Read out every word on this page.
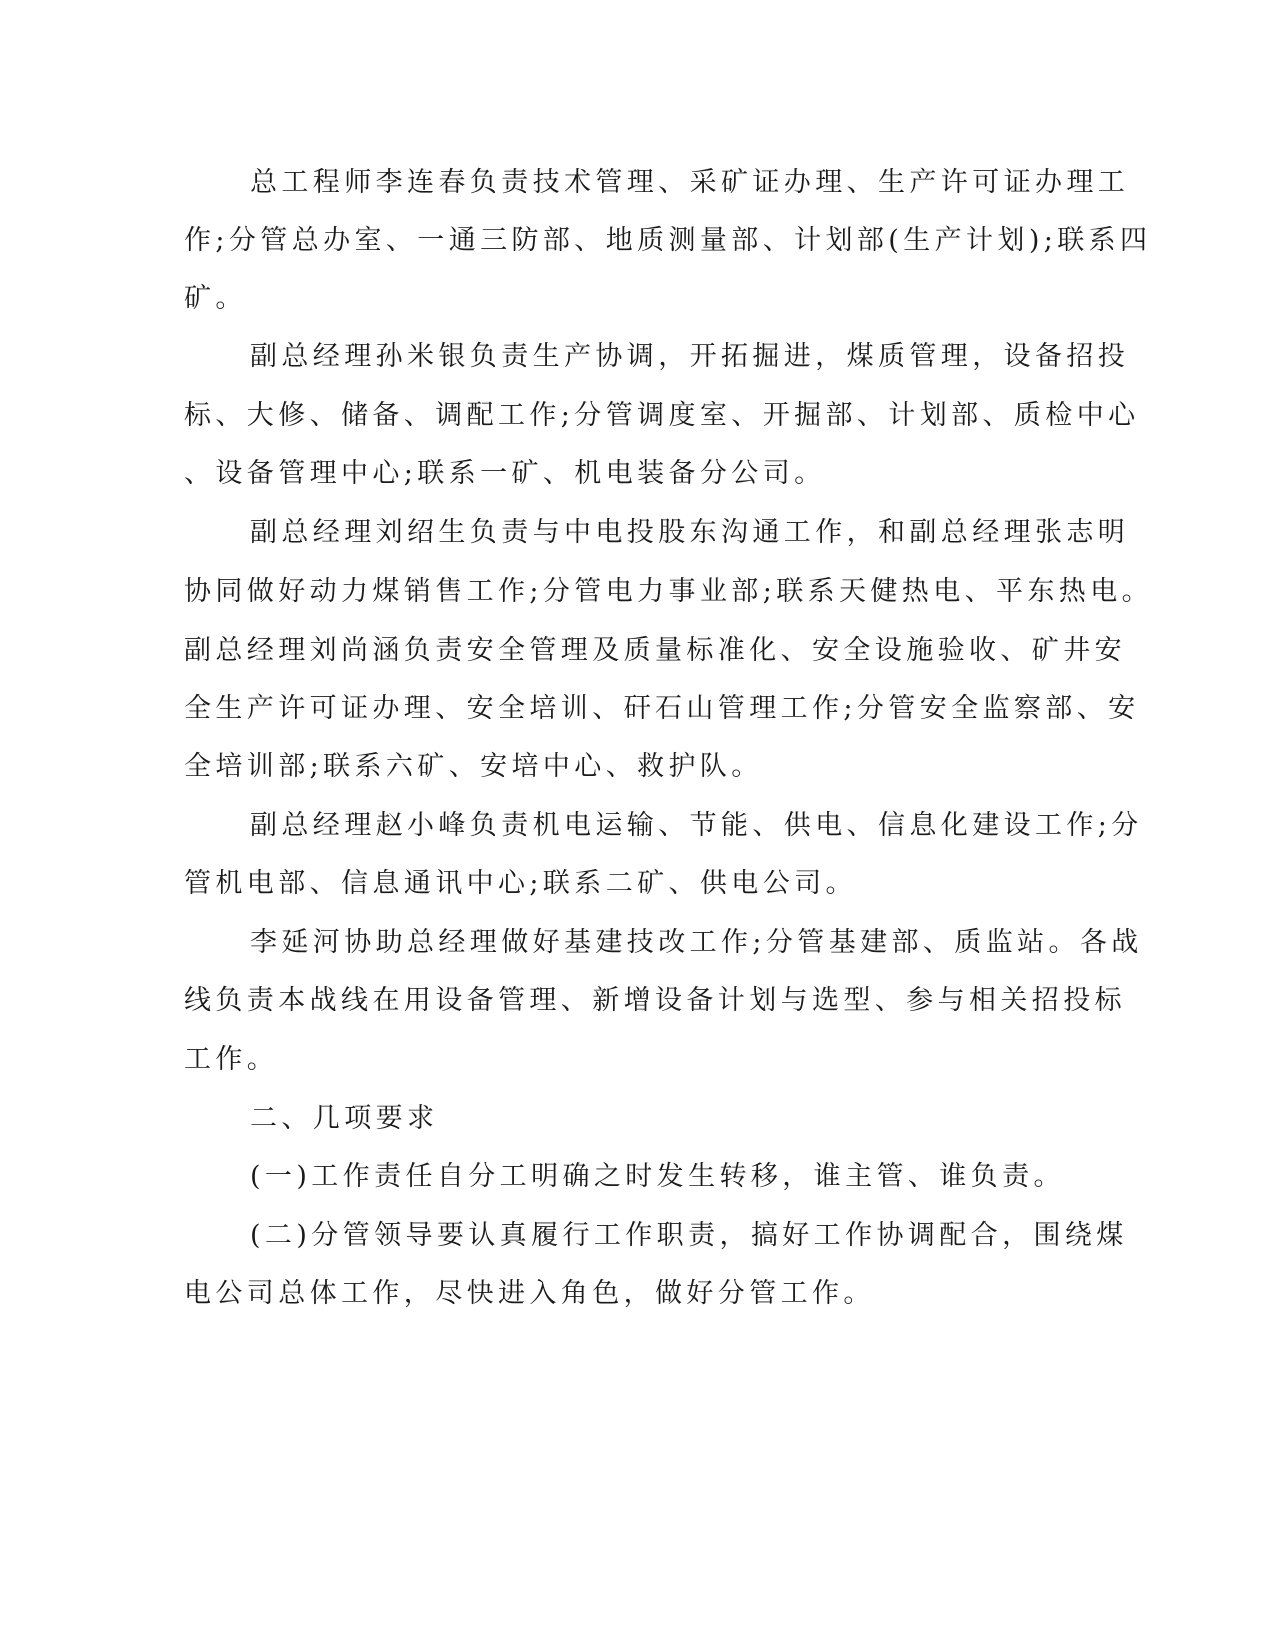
总工程师李连春负责技术管理、采矿证办理、生产许可证办理工
作;分管总办室、一通三防部、地质测量部、计划部(生产计划);联系四
矿。
副总经理孙米银负责生产协调，开拓掘进，煤质管理，设备招投
标、大修、储备、调配工作;分管调度室、开掘部、计划部、质检中心
、设备管理中心;联系一矿、机电装备分公司。
副总经理刘绍生负责与中电投股东沟通工作，和副总经理张志明
协同做好动力煤销售工作;分管电力事业部;联系天健热电、平东热电。
副总经理刘尚涵负责安全管理及质量标准化、安全设施验收、矿井安
全生产许可证办理、安全培训、矸石山管理工作;分管安全监察部、安
全培训部;联系六矿、安培中心、救护队。
副总经理赵小峰负责机电运输、节能、供电、信息化建设工作;分
管机电部、信息通讯中心;联系二矿、供电公司。
李延河协助总经理做好基建技改工作;分管基建部、质监站。各战
线负责本战线在用设备管理、新增设备计划与选型、参与相关招投标
工作。
二、几项要求
(一)工作责任自分工明确之时发生转移，谁主管、谁负责。
(二)分管领导要认真履行工作职责，搞好工作协调配合，围绕煤
电公司总体工作，尽快进入角色，做好分管工作。
